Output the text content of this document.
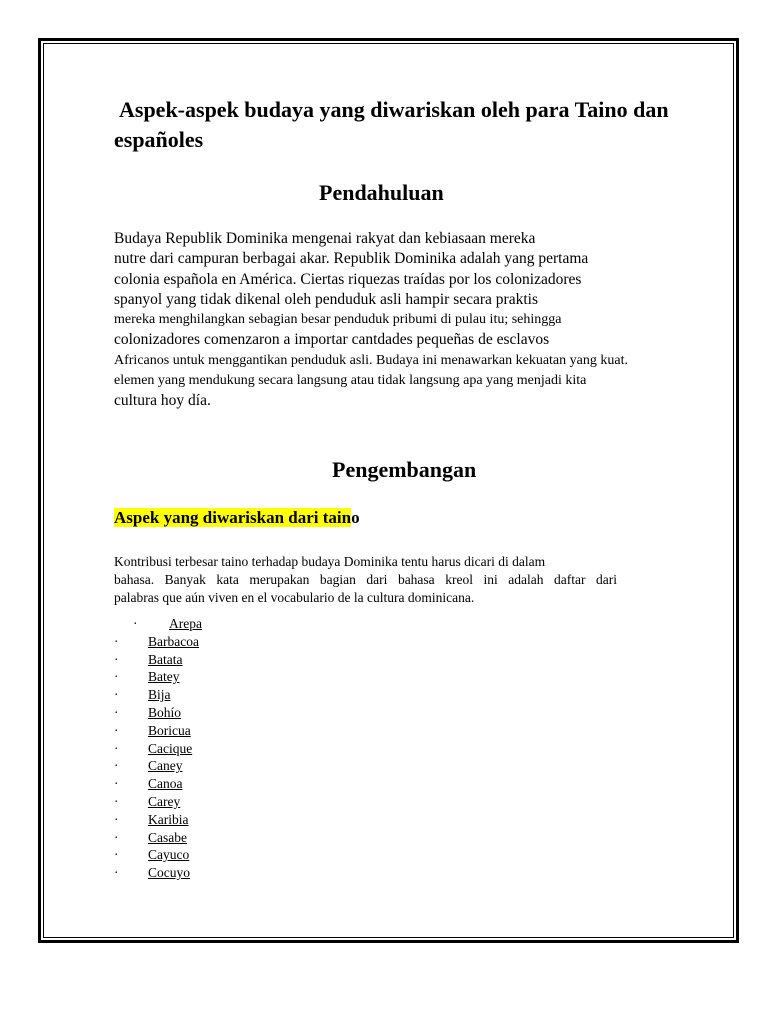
Aspek-aspek budaya yang diwariskan oleh para Taino dan españoles
Pendahuluan

Budaya Republik Dominika mengenai rakyat dan kebiasaan mereka
nutre dari campuran berbagai akar. Republik Dominika adalah yang pertama
colonia española en América. Ciertas riquezas traídas por los colonizadores
spanyol yang tidak dikenal oleh penduduk asli hampir secara praktis
mereka menghilangkan sebagian besar penduduk pribumi di pulau itu; sehingga
colonizadores comenzaron a importar cantdades pequeñas de esclavos
Africanos untuk menggantikan penduduk asli. Budaya ini menawarkan kekuatan yang kuat.
elemen yang mendukung secara langsung atau tidak langsung apa yang menjadi kita
cultura hoy día.

Pengembangan
Aspek yang diwariskan dari taino

Kontribusi terbesar taino terhadap budaya Dominika tentu harus dicari di dalam
bahasa. Banyak kata merupakan bagian dari bahasa kreol ini adalah daftar dari
palabras que aún viven en el vocabulario de la cultura dominicana.

· Arepa
· Barbacoa
· Batata
· Batey
· Bija
· Bohío
· Boricua
· Cacique
· Caney
· Canoa
· Carey
· Karibia
· Casabe
· Cayuco
· Cocuyo
